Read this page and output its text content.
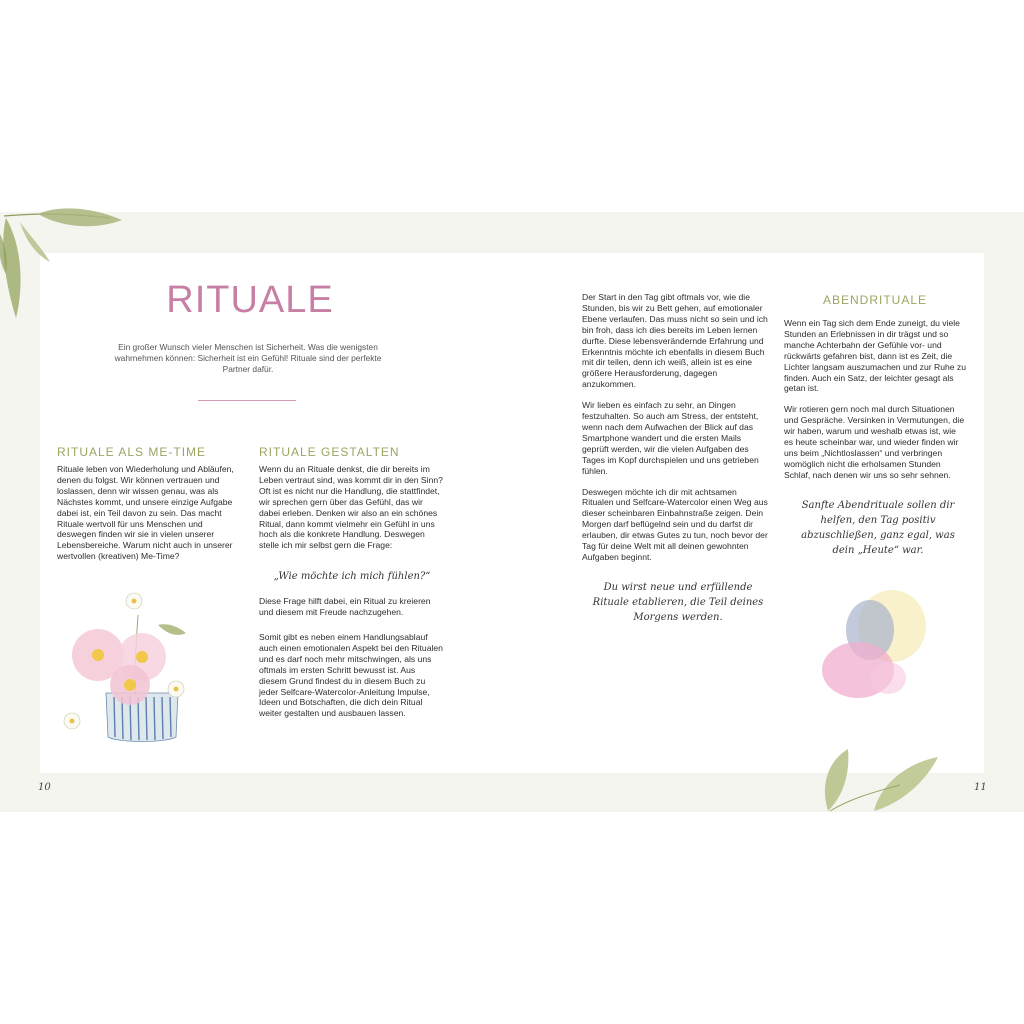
RITUALE
Ein großer Wunsch vieler Menschen ist Sicherheit. Was die wenigsten wahrnehmen können: Sicherheit ist ein Gefühl! Rituale sind der perfekte Partner dafür.
RITUALE ALS ME-TIME
Rituale leben von Wiederholung und Abläufen, denen du folgst. Wir können vertrauen und loslassen, denn wir wissen genau, was als Nächstes kommt, und unsere einzige Aufgabe dabei ist, ein Teil davon zu sein. Das macht Rituale wertvoll für uns Menschen und deswegen finden wir sie in vielen unserer Lebensbereiche. Warum nicht auch in unserer wertvollen (kreativen) Me-Time?
RITUALE GESTALTEN

Wenn du an Rituale denkst, die dir bereits im Leben vertraut sind, was kommt dir in den Sinn? Oft ist es nicht nur die Handlung, die stattfindet, wir sprechen gern über das Gefühl, das wir dabei erleben. Denken wir also an ein schönes Ritual, dann kommt vielmehr ein Gefühl in uns hoch als die konkrete Handlung. Deswegen stelle ich mir selbst gern die Frage:

„Wie möchte ich mich fühlen?“
Diese Frage hilft dabei, ein Ritual zu kreieren und diesem mit Freude nachzugehen.
Somit gibt es neben einem Handlungsablauf auch einen emotionalen Aspekt bei den Ritualen und es darf noch mehr mitschwingen, als uns oftmals im ersten Schritt bewusst ist. Aus diesem Grund findest du in diesem Buch zu jeder Selfcare-Watercolor-Anleitung Impulse, Ideen und Botschaften, die dich dein Ritual weiter gestalten und ausbauen lassen.
10

Der Start in den Tag gibt oftmals vor, wie die Stunden, bis wir zu Bett gehen, auf emotionaler Ebene verlaufen. Das muss nicht so sein und ich bin froh, dass ich dies bereits im Leben lernen durfte. Diese lebensverändernde Erfahrung und Erkenntnis möchte ich ebenfalls in diesem Buch mit dir teilen, denn ich weiß, allein ist es eine größere Herausforderung, dagegen anzukommen.

Wir lieben es einfach zu sehr, an Dingen festzuhalten. So auch am Stress, der entsteht, wenn nach dem Aufwachen der Blick auf das Smartphone wandert und die ersten Mails geprüft werden, wir die vielen Aufgaben des Tages im Kopf durchspielen und uns getrieben fühlen.

Deswegen möchte ich dir mit achtsamen Ritualen und Selfcare-Watercolor einen Weg aus dieser scheinbaren Einbahnstraße zeigen. Dein Morgen darf beflügelnd sein und du darfst dir erlauben, dir etwas Gutes zu tun, noch bevor der Tag für deine Welt mit all deinen gewohnten Aufgaben beginnt.

Du wirst neue und erfüllende Rituale etablieren, die Teil deines Morgens werden.
ABENDRITUALE

Wenn ein Tag sich dem Ende zuneigt, du viele Stunden an Erlebnissen in dir trägst und so manche Achterbahn der Gefühle vor- und rückwärts gefahren bist, dann ist es Zeit, die Lichter langsam auszumachen und zur Ruhe zu finden. Auch ein Satz, der leichter gesagt als getan ist.

Wir rotieren gern noch mal durch Situationen und Gespräche. Versinken in Vermutungen, die wir haben, warum und weshalb etwas ist, wie es heute scheinbar war, und wieder finden wir uns beim „Nichtloslassen“ und verbringen womöglich nicht die erholsamen Stunden Schlaf, nach denen wir uns so sehr sehnen.

Sanfte Abendrituale sollen dir helfen, den Tag positiv abzuschließen, ganz egal, was dein „Heute“ war.
11
